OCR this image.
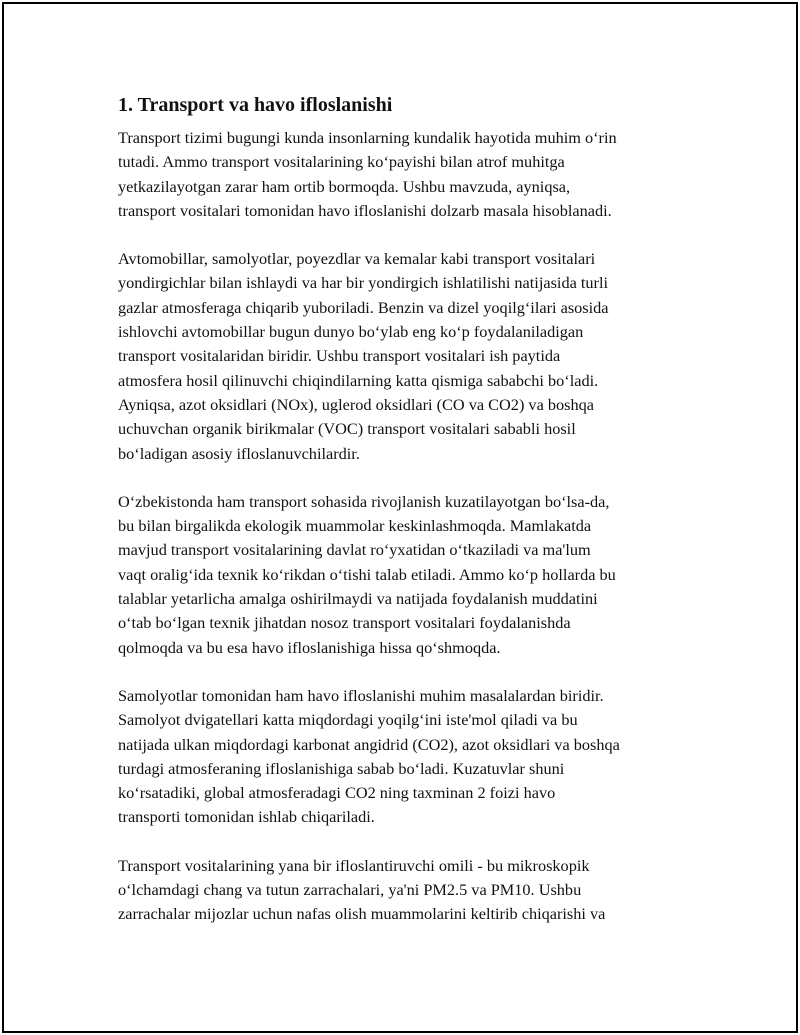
1. Transport va havo ifloslanishi

Transport tizimi bugungi kunda insonlarning kundalik hayotida muhim o‘rin
tutadi. Ammo transport vositalarining ko‘payishi bilan atrof muhitga
yetkazilayotgan zarar ham ortib bormoqda. Ushbu mavzuda, ayniqsa,
transport vositalari tomonidan havo ifloslanishi dolzarb masala hisoblanadi.

Avtomobillar, samolyotlar, poyezdlar va kemalar kabi transport vositalari
yondirgichlar bilan ishlaydi va har bir yondirgich ishlatilishi natijasida turli
gazlar atmosferaga chiqarib yuboriladi. Benzin va dizel yoqilg‘ilari asosida
ishlovchi avtomobillar bugun dunyo bo‘ylab eng ko‘p foydalaniladigan
transport vositalaridan biridir. Ushbu transport vositalari ish paytida
atmosfera hosil qilinuvchi chiqindilarning katta qismiga sababchi bo‘ladi.
Ayniqsa, azot oksidlari (NOx), uglerod oksidlari (CO va CO2) va boshqa
uchuvchan organik birikmalar (VOC) transport vositalari sababli hosil
bo‘ladigan asosiy ifloslanuvchilardir.

O‘zbekistonda ham transport sohasida rivojlanish kuzatilayotgan bo‘lsa-da,
bu bilan birgalikda ekologik muammolar keskinlashmoqda. Mamlakatda
mavjud transport vositalarining davlat ro‘yxatidan o‘tkaziladi va ma'lum
vaqt oralig‘ida texnik ko‘rikdan o‘tishi talab etiladi. Ammo ko‘p hollarda bu
talablar yetarlicha amalga oshirilmaydi va natijada foydalanish muddatini
o‘tab bo‘lgan texnik jihatdan nosoz transport vositalari foydalanishda
qolmoqda va bu esa havo ifloslanishiga hissa qo‘shmoqda.

Samolyotlar tomonidan ham havo ifloslanishi muhim masalalardan biridir.
Samolyot dvigatellari katta miqdordagi yoqilg‘ini iste'mol qiladi va bu
natijada ulkan miqdordagi karbonat angidrid (CO2), azot oksidlari va boshqa
turdagi atmosferaning ifloslanishiga sabab bo‘ladi. Kuzatuvlar shuni
ko‘rsatadiki, global atmosferadagi CO2 ning taxminan 2 foizi havo
transporti tomonidan ishlab chiqariladi.

Transport vositalarining yana bir ifloslantiruvchi omili - bu mikroskopik
o‘lchamdagi chang va tutun zarrachalari, ya'ni PM2.5 va PM10. Ushbu
zarrachalar mijozlar uchun nafas olish muammolarini keltirib chiqarishi va
